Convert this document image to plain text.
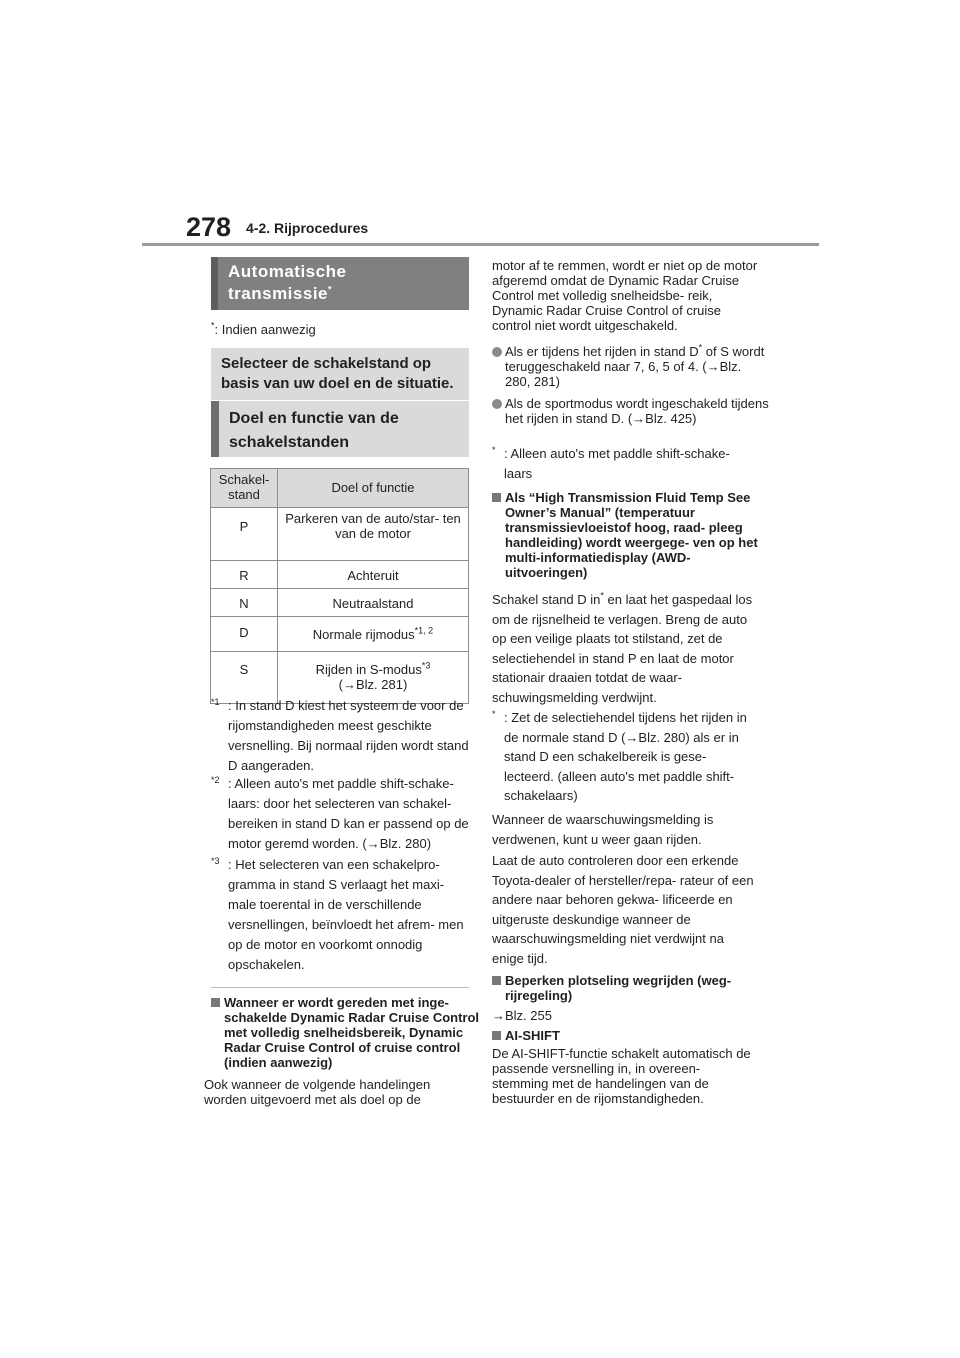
278 4-2. Rijprocedures
Automatische
transmissie*
*: Indien aanwezig
Selecteer de schakelstand op basis van uw doel en de situatie.
Doel en functie van de schakelstanden
Schakel- stand	Doel of functie
P	Parkeren van de auto/star- ten van de motor
R	Achteruit
N	Neutraalstand
D	Normale rijmodus$^{*1, 2}$
S	Rijden in S-modus$^{*3}$
(→Blz. 281)
*1 : In stand D kiest het systeem de voor de rijomstandigheden meest geschikte versnelling. Bij normaal rijden wordt stand D aangeraden.
*2 : Alleen auto's met paddle shift-schake- laars: door het selecteren van schakel- bereiken in stand D kan er passend op de motor geremd worden. (→Blz. 280)
*3 : Het selecteren van een schakelpro- gramma in stand S verlaagt het maxi- male toerental in de verschillende versnellingen, beïnvloedt het afrem- men op de motor en voorkomt onnodig opschakelen.
Wanneer er wordt gereden met inge- schakelde Dynamic Radar Cruise Control met volledig snelheidsbereik, Dynamic Radar Cruise Control of cruise control (indien aanwezig)
Ook wanneer de volgende handelingen worden uitgevoerd met als doel op de
motor af te remmen, wordt er niet op de motor afgeremd omdat de Dynamic Radar Cruise Control met volledig snelheidsbe- reik, Dynamic Radar Cruise Control of cruise control niet wordt uitgeschakeld.
Als er tijdens het rijden in stand D* of S wordt teruggeschakeld naar 7, 6, 5 of 4. (→Blz. 280, 281)
Als de sportmodus wordt ingeschakeld tijdens het rijden in stand D. (→Blz. 425)
* : Alleen auto's met paddle shift-schake- laars
Als “High Transmission Fluid Temp See Owner’s Manual” (temperatuur transmissievloeistof hoog, raad- pleeg handleiding) wordt weergege- ven op het multi-informatiedisplay (AWD-uitvoeringen)
Schakel stand D in* en laat het gaspedaal los om de rijsnelheid te verlagen. Breng de auto op een veilige plaats tot stilstand, zet de selectiehendel in stand P en laat de motor stationair draaien totdat de waar- schuwingsmelding verdwijnt.
* : Zet de selectiehendel tijdens het rijden in de normale stand D (→Blz. 280) als er in stand D een schakelbereik is gese- lecteerd. (alleen auto's met paddle shift- schakelaars)
Wanneer de waarschuwingsmelding is verdwenen, kunt u weer gaan rijden.
Laat de auto controleren door een erkende Toyota-dealer of hersteller/repa- rateur of een andere naar behoren gekwa- lificeerde en uitgeruste deskundige wanneer de waarschuwingsmelding niet verdwijnt na enige tijd.
Beperken plotseling wegrijden (weg- rijregeling)
→Blz. 255
AI-SHIFT
De AI-SHIFT-functie schakelt automatisch de passende versnelling in, in overeen- stemming met de handelingen van de bestuurder en de rijomstandigheden.
